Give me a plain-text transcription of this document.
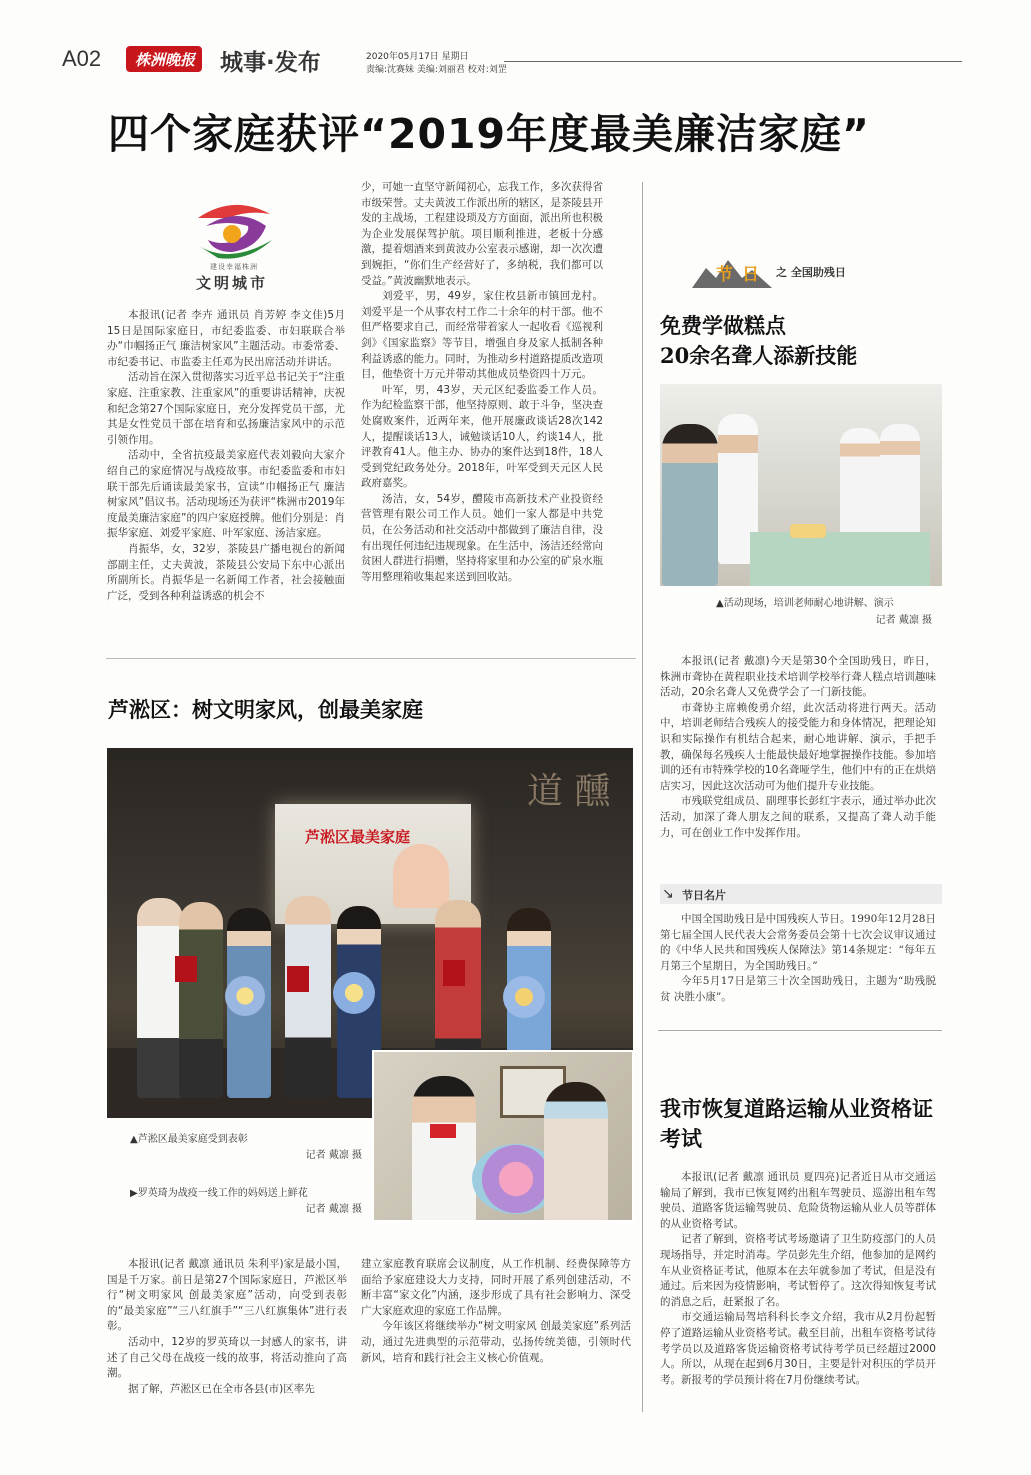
A02	株洲晚报 城事·发布	2020年05月17日 星期日
责编:沈赛妹 美编:刘丽君 校对:刘罡
四个家庭获评“2019年度最美廉洁家庭”
建设幸福株洲
文明城市

本报讯(记者 李卉 通讯员 肖芳婷 李文佳)5月15日是国际家庭日，市纪委监委、市妇联联合举办“巾帼扬正气 廉洁树家风”主题活动。市委常委、市纪委书记、市监委主任邓为民出席活动并讲话。

活动旨在深入贯彻落实习近平总书记关于“注重家庭、注重家教、注重家风”的重要讲话精神，庆祝和纪念第27个国际家庭日，充分发挥党员干部，尤其是女性党员干部在培育和弘扬廉洁家风中的示范引领作用。

活动中，全省抗疫最美家庭代表刘毅向大家介绍自己的家庭情况与战疫故事。市纪委监委和市妇联干部先后诵读最美家书，宣读“巾帼扬正气 廉洁树家风”倡议书。活动现场还为获评“株洲市2019年度最美廉洁家庭”的四户家庭授牌。他们分别是：肖振华家庭、刘爱平家庭、叶军家庭、汤洁家庭。

肖振华，女，32岁，茶陵县广播电视台的新闻部副主任，丈夫黄波，茶陵县公安局下东中心派出所副所长。肖振华是一名新闻工作者，社会接触面广泛，受到各种利益诱惑的机会不

少，可她一直坚守新闻初心，忘我工作，多次获得省市级荣誉。丈夫黄波工作派出所的辖区，是茶陵县开发的主战场，工程建设琐及方方面面，派出所也积极为企业发展保驾护航。项目顺利推进，老板十分感激，提着烟酒来到黄波办公室表示感谢，却一次次遭到婉拒，“你们生产经营好了，多纳税，我们都可以受益。”黄波幽默地表示。

刘爱平，男，49岁，家住枚县新市镇回龙村。刘爱平是一个从事农村工作二十余年的村干部。他不但严格要求自己，而经常带着家人一起收看《巡视利剑》《国家监察》等节目，增强自身及家人抵制各种利益诱惑的能力。同时，为推动乡村道路提质改造项目，他垫资十万元并带动其他成员垫资四十万元。

叶军，男，43岁，天元区纪委监委工作人员。作为纪检监察干部，他坚持原则、敢于斗争，坚决查处腐败案件，近两年来，他开展廉政谈话28次142人，提醒谈话13人，诫勉谈话10人，约谈14人，批评教育41人。他主办、协办的案件达到18件，18人受到党纪政务处分。2018年，叶军受到天元区人民政府嘉奖。

汤洁，女，54岁，醴陵市高新技术产业投资经营管理有限公司工作人员。她们一家人都是中共党员，在公务活动和社交活动中都做到了廉洁自律，没有出现任何违纪违规现象。在生活中，汤洁还经常向贫困人群进行捐赠，坚持将家里和办公室的矿泉水瓶等用整理箱收集起来送到回收站。

芦淞区：树文明家风，创最美家庭
芦淞区最美家庭
道 醺
▲芦淞区最美家庭受到表彰
记者 戴凛 摄
▶罗英琦为战疫一线工作的妈妈送上鲜花
记者 戴凛 摄

本报讯(记者 戴凛 通讯员 朱利平)家是最小国，国是千万家。前日是第27个国际家庭日，芦淞区举行“树文明家风 创最美家庭”活动，向受到表彰的“最美家庭”“三八红旗手”“三八红旗集体”进行表彰。

活动中，12岁的罗英琦以一封感人的家书，讲述了自己父母在战疫一线的故事，将活动推向了高潮。

据了解，芦淞区已在全市各县(市)区率先

建立家庭教育联席会议制度，从工作机制、经费保障等方面给予家庭建设大力支持，同时开展了系列创建活动，不断丰富“家文化”内涵，逐步形成了具有社会影响力、深受广大家庭欢迎的家庭工作品牌。

今年该区将继续举办“树文明家风 创最美家庭”系列活动，通过先进典型的示范带动，弘扬传统美德，引领时代新风，培育和践行社会主义核心价值观。

节 日 之 全国助残日
免费学做糕点
20余名聋人添新技能
▲活动现场，培训老师耐心地讲解、演示
记者 戴凛 摄

本报讯(记者 戴凛)今天是第30个全国助残日，昨日，株洲市聋协在黄程职业技术培训学校举行聋人糕点培训趣味活动，20余名聋人又免费学会了一门新技能。

市聋协主席赖俊勇介绍，此次活动将进行两天。活动中，培训老师结合残疾人的接受能力和身体情况，把理论知识和实际操作有机结合起来，耐心地讲解、演示，手把手教，确保每名残疾人士能最快最好地掌握操作技能。参加培训的还有市特殊学校的10名聋哑学生，他们中有的正在烘焙店实习，因此这次活动可为他们提升专业技能。

市残联党组成员、副理事长彭红宇表示，通过举办此次活动，加深了聋人朋友之间的联系，又提高了聋人动手能力，可在创业工作中发挥作用。

↘ 节日名片

中国全国助残日是中国残疾人节日。1990年12月28日第七届全国人民代表大会常务委员会第十七次会议审议通过的《中华人民共和国残疾人保障法》第14条规定：“每年五月第三个星期日，为全国助残日。”

今年5月17日是第三十次全国助残日，主题为“助残脱贫 决胜小康”。

我市恢复道路运输从业资格证考试

本报讯(记者 戴凛 通讯员 夏四亮)记者近日从市交通运输局了解到，我市已恢复网约出租车驾驶员、巡游出租车驾驶员、道路客货运输驾驶员、危险货物运输从业人员等群体的从业资格考试。

记者了解到，资格考试考场邀请了卫生防疫部门的人员现场指导，并定时消毒。学员彭先生介绍，他参加的是网约车从业资格证考试，他原本在去年就参加了考试，但是没有通过。后来因为疫情影响，考试暂停了。这次得知恢复考试的消息之后，赶紧报了名。

市交通运输局驾培科科长李文介绍，我市从2月份起暂停了道路运输从业资格考试。截至目前，出租车资格考试待考学员以及道路客货运输资格考试待考学员已经超过2000人。所以，从现在起到6月30日，主要是针对积压的学员开考。新报考的学员预计将在7月份继续考试。
